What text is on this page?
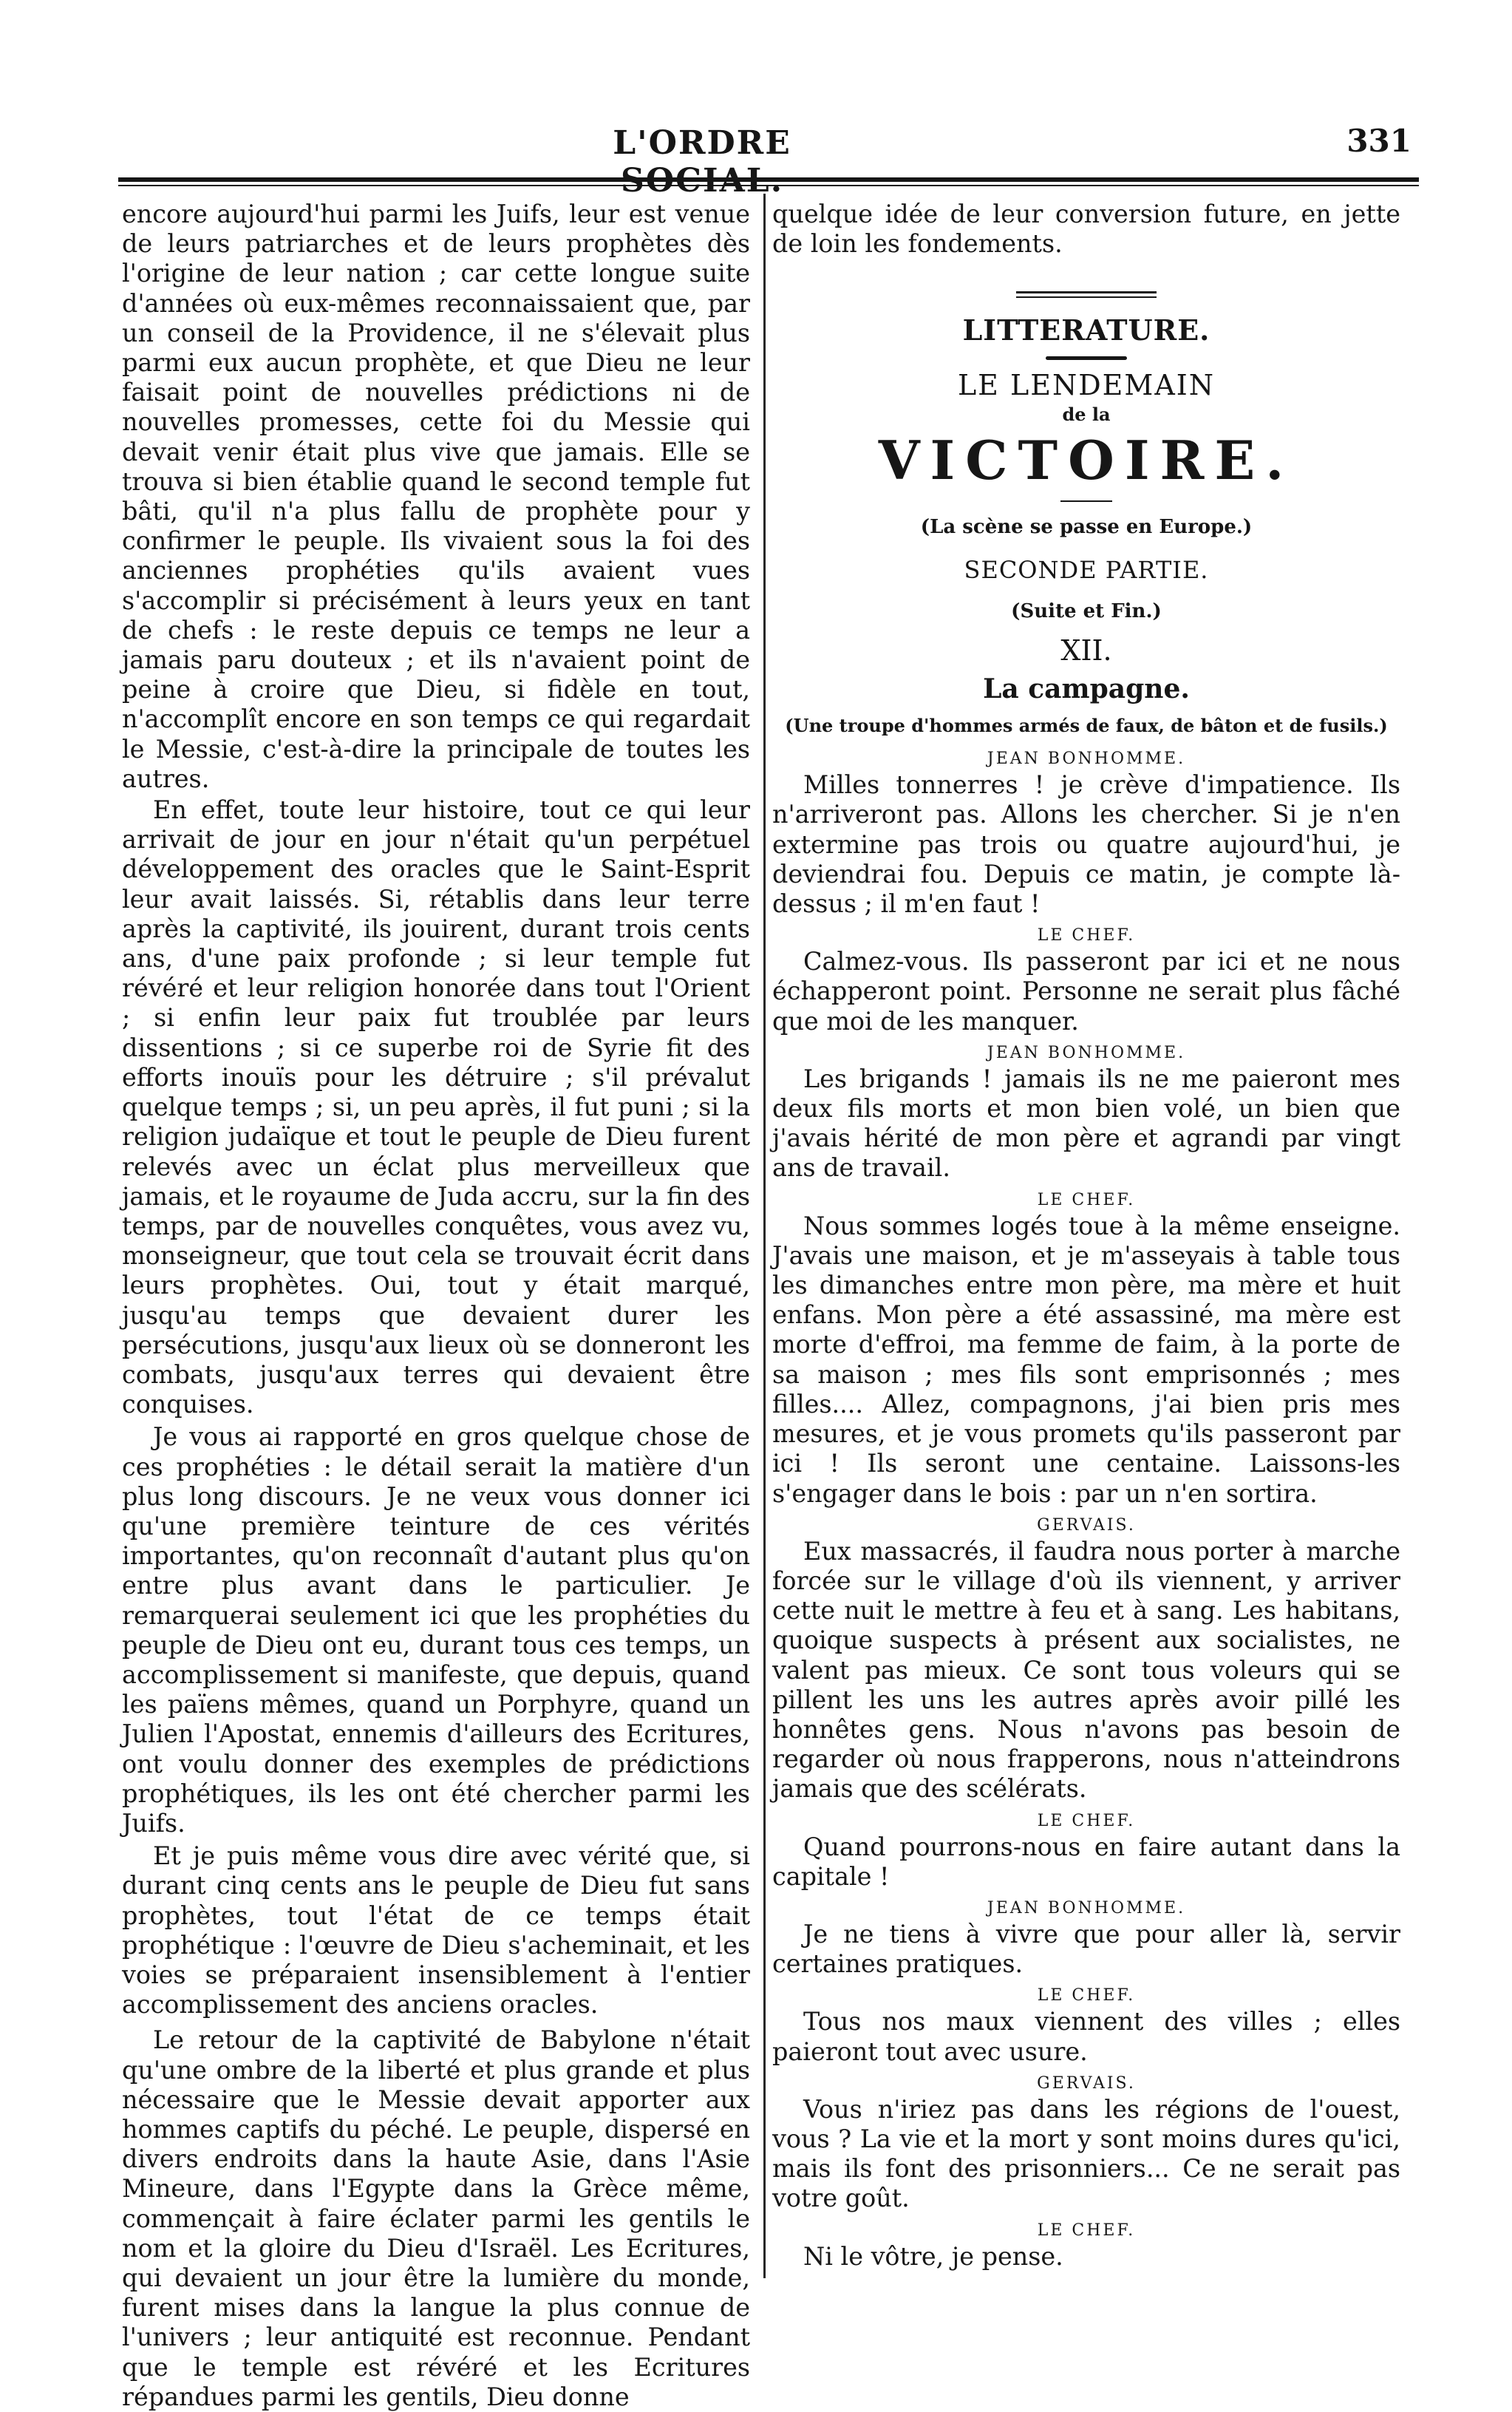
L'ORDRE	331

encore aujourd'hui parmi les Juifs, leur est venue de leurs patriarches et de leurs prophètes dès l'origine de leur nation ; car cette longue suite d'années où eux-mêmes reconnaissaient que, par un conseil de la Providence, il ne s'élevait plus parmi eux aucun prophète, et que Dieu ne leur faisait point de nouvelles prédictions ni de nouvelles promesses, cette foi du Messie qui devait venir était plus vive que jamais. Elle se trouva si bien établie quand le second temple fut bâti, qu'il n'a plus fallu de prophète pour y confirmer le peuple. Ils vivaient sous la foi des anciennes prophéties qu'ils avaient vues s'accomplir si précisément à leurs yeux en tant de chefs : le reste depuis ce temps ne leur a jamais paru douteux ; et ils n'avaient point de peine à croire que Dieu, si fidèle en tout, n'accomplît encore en son temps ce qui regardait le Messie, c'est-à-dire la principale de toutes les autres.

En effet, toute leur histoire, tout ce qui leur arrivait de jour en jour n'était qu'un perpétuel développement des oracles que le Saint-Esprit leur avait laissés. Si, rétablis dans leur terre après la captivité, ils jouirent, durant trois cents ans, d'une paix profonde ; si leur temple fut révéré et leur religion honorée dans tout l'Orient ; si enfin leur paix fut troublée par leurs dissentions ; si ce superbe roi de Syrie fit des efforts inouïs pour les détruire ; s'il prévalut quelque temps ; si, un peu après, il fut puni ; si la religion judaïque et tout le peuple de Dieu furent relevés avec un éclat plus merveilleux que jamais, et le royaume de Juda accru, sur la fin des temps, par de nouvelles conquêtes, vous avez vu, monseigneur, que tout cela se trouvait écrit dans leurs prophètes. Oui, tout y était marqué, jusqu'au temps que devaient durer les persécutions, jusqu'aux lieux où se donneront les combats, jusqu'aux terres qui devaient être conquises.

Je vous ai rapporté en gros quelque chose de ces prophéties : le détail serait la matière d'un plus long discours. Je ne veux vous donner ici qu'une première teinture de ces vérités importantes, qu'on reconnaît d'autant plus qu'on entre plus avant dans le particulier. Je remarquerai seulement ici que les prophéties du peuple de Dieu ont eu, durant tous ces temps, un accomplissement si manifeste, que depuis, quand les païens mêmes, quand un Porphyre, quand un Julien l'Apostat, ennemis d'ailleurs des Ecritures, ont voulu donner des exemples de prédictions prophétiques, ils les ont été chercher parmi les Juifs.

Et je puis même vous dire avec vérité que, si durant cinq cents ans le peuple de Dieu fut sans prophètes, tout l'état de ce temps était prophétique : l'œuvre de Dieu s'acheminait, et les voies se préparaient insensiblement à l'entier accomplissement des anciens oracles.

Le retour de la captivité de Babylone n'était qu'une ombre de la liberté et plus grande et plus nécessaire que le Messie devait apporter aux hommes captifs du péché. Le peuple, dispersé en divers endroits dans la haute Asie, dans l'Asie Mineure, dans l'Egypte dans la Grèce même, commençait à faire éclater parmi les gentils le nom et la gloire du Dieu d'Israël. Les Ecritures, qui devaient un jour être la lumière du monde, furent mises dans la langue la plus connue de l'univers ; leur antiquité est reconnue. Pendant que le temple est révéré et les Ecritures répandues parmi les gentils, Dieu donne

quelque idée de leur conversion future, en jette de loin les fondements.

LITTERATURE.
LE LENDEMAIN
de la
VICTOIRE.
(La scène se passe en Europe.)
SECONDE PARTIE.
(Suite et Fin.)
XII.
La campagne.
(Une troupe d'hommes armés de faux, de bâton et de fusils.)
JEAN BONHOMME.

Milles tonnerres ! je crève d'impatience. Ils n'arriveront pas. Allons les chercher. Si je n'en extermine pas trois ou quatre aujourd'hui, je deviendrai fou. Depuis ce matin, je compte là-dessus ; il m'en faut !

LE CHEF.

Calmez-vous. Ils passeront par ici et ne nous échapperont point. Personne ne serait plus fâché que moi de les manquer.

JEAN BONHOMME.

Les brigands ! jamais ils ne me paieront mes deux fils morts et mon bien volé, un bien que j'avais hérité de mon père et agrandi par vingt ans de travail.

LE CHEF.

Nous sommes logés toue à la même enseigne. J'avais une maison, et je m'asseyais à table tous les dimanches entre mon père, ma mère et huit enfans. Mon père a été assassiné, ma mère est morte d'effroi, ma femme de faim, à la porte de sa maison ; mes fils sont emprisonnés ; mes filles.... Allez, compagnons, j'ai bien pris mes mesures, et je vous promets qu'ils passeront par ici ! Ils seront une centaine. Laissons-les s'engager dans le bois : par un n'en sortira.

GERVAIS.

Eux massacrés, il faudra nous porter à marche forcée sur le village d'où ils viennent, y arriver cette nuit le mettre à feu et à sang. Les habitans, quoique suspects à présent aux socialistes, ne valent pas mieux. Ce sont tous voleurs qui se pillent les uns les autres après avoir pillé les honnêtes gens. Nous n'avons pas besoin de regarder où nous frapperons, nous n'atteindrons jamais que des scélérats.

LE CHEF.

Quand pourrons-nous en faire autant dans la capitale !

JEAN BONHOMME.

Je ne tiens à vivre que pour aller là, servir certaines pratiques.

LE CHEF.

Tous nos maux viennent des villes ; elles paieront tout avec usure.

GERVAIS.

Vous n'iriez pas dans les régions de l'ouest, vous ? La vie et la mort y sont moins dures qu'ici, mais ils font des prisonniers... Ce ne serait pas votre goût.

LE CHEF.

Ni le vôtre, je pense.
